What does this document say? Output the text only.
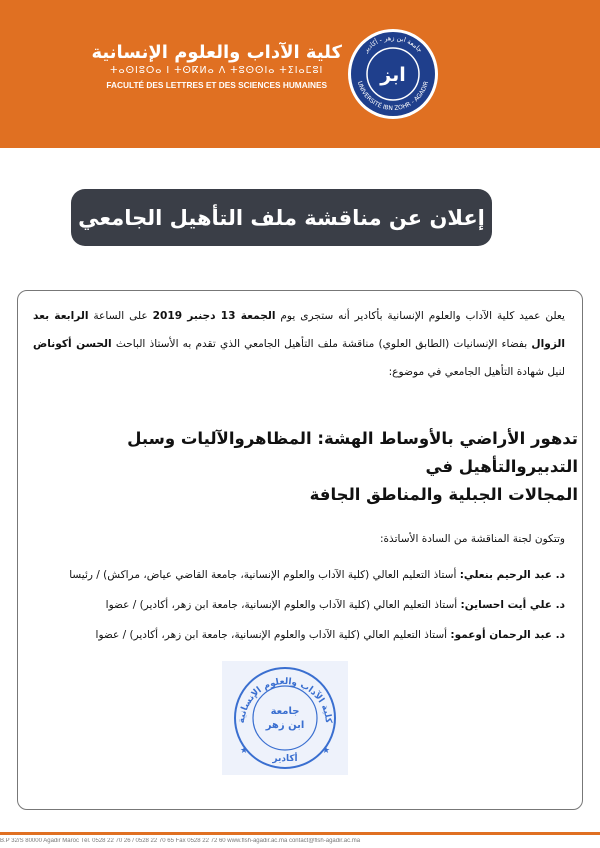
كلية الآداب والعلوم الإنسانية
ⵜⴰⵙⵏⵓⵔⴰ ⵏ ⵜⵙⴽⵍⴰ ⴷ ⵜⵓⵙⵙⵏⴰ ⵜⵉⵏⴰⵎⵓⵏ
FACULTÉ DES LETTRES ET DES SCIENCES HUMAINES
جامعة ابن زهر - أكادير
UNIVERSITÉ IBN ZOHR - AGADIR
ابز
إعلان عن مناقشة ملف التأهيل الجامعي
يعلن عميد كلية الآداب والعلوم الإنسانية بأكادير أنه ستجرى يوم الجمعة 13 دجنبر 2019 على الساعة الرابعة بعد الزوال بفضاء الإنسانيات (الطابق العلوي) مناقشة ملف التأهيل الجامعي الذي تقدم به الأستاذ الباحث الحسن أكوناض لنيل شهادة التأهيل الجامعي في موضوع:
تدهور الأراضي بالأوساط الهشة: المظاهروالآليات وسبل التدبيروالتأهيل في
المجالات الجبلية والمناطق الجافة
وتتكون لجنة المناقشة من السادة الأساتذة:
د. عبد الرحيم بنعلي: أستاذ التعليم العالي (كلية الآداب والعلوم الإنسانية، جامعة القاضي عياض، مراكش) / رئيسا
د. علي أيت احساين: أستاذ التعليم العالي (كلية الآداب والعلوم الإنسانية، جامعة ابن زهر، أكادير) / عضوا
د. عبد الرحمان أوعمو: أستاذ التعليم العالي (كلية الآداب والعلوم الإنسانية، جامعة ابن زهر، أكادير) / عضوا
كلية الآداب والعلوم الإنسانية
جامعة
ابن زهر
أكادير
★	★
B.P 32/S 80000 Agadir Maroc Tél. 0528 22 70 26 / 0528 22 70 65 Fax 0528 22 72 60 www.flsh-agadir.ac.ma contact@flsh-agadir.ac.ma
